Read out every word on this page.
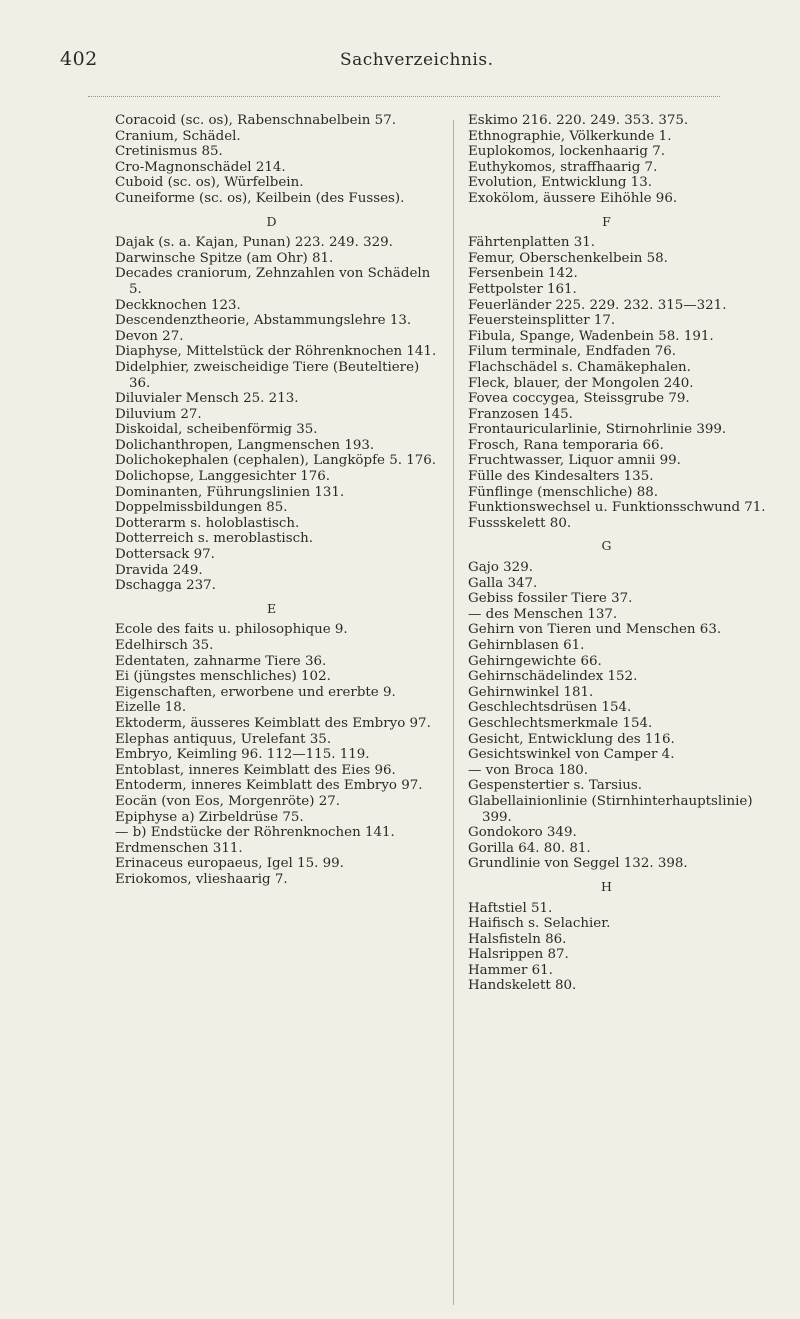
402	Sachverzeichnis.

Coracoid (sc. os), Rabenschnabelbein 57.

Cranium, Schädel.

Cretinismus 85.

Cro-Magnonschädel 214.

Cuboid (sc. os), Würfelbein.

Cuneiforme (sc. os), Keilbein (des Fusses).

D

Dajak (s. a. Kajan, Punan) 223. 249. 329.

Darwinsche Spitze (am Ohr) 81.

Decades craniorum, Zehnzahlen von Schädeln 5.

Deckknochen 123.

Descendenztheorie, Abstammungslehre 13.

Devon 27.

Diaphyse, Mittelstück der Röhrenknochen 141.

Didelphier, zweischeidige Tiere (Beuteltiere) 36.

Diluvialer Mensch 25. 213.

Diluvium 27.

Diskoidal, scheibenförmig 35.

Dolichanthropen, Langmenschen 193.

Dolichokephalen (cephalen), Langköpfe 5. 176.

Dolichopse, Langgesichter 176.

Dominanten, Führungslinien 131.

Doppelmissbildungen 85.

Dotterarm s. holoblastisch.

Dotterreich s. meroblastisch.

Dottersack 97.

Dravida 249.

Dschagga 237.

E

Ecole des faits u. philosophique 9.

Edelhirsch 35.

Edentaten, zahnarme Tiere 36.

Ei (jüngstes menschliches) 102.

Eigenschaften, erworbene und ererbte 9.

Eizelle 18.

Ektoderm, äusseres Keimblatt des Embryo 97.

Elephas antiquus, Urelefant 35.

Embryo, Keimling 96. 112—115. 119.

Entoblast, inneres Keimblatt des Eies 96.

Entoderm, inneres Keimblatt des Embryo 97.

Eocän (von Eos, Morgenröte) 27.

Epiphyse a) Zirbeldrüse 75.

— b) Endstücke der Röhrenknochen 141.

Erdmenschen 311.

Erinaceus europaeus, Igel 15. 99.

Eriokomos, vlieshaarig 7.

Eskimo 216. 220. 249. 353. 375.

Ethnographie, Völkerkunde 1.

Euplokomos, lockenhaarig 7.

Euthykomos, straffhaarig 7.

Evolution, Entwicklung 13.

Exokölom, äussere Eihöhle 96.

F

Fährtenplatten 31.

Femur, Oberschenkelbein 58.

Fersenbein 142.

Fettpolster 161.

Feuerländer 225. 229. 232. 315—321.

Feuersteinsplitter 17.

Fibula, Spange, Wadenbein 58. 191.

Filum terminale, Endfaden 76.

Flachschädel s. Chamäkephalen.

Fleck, blauer, der Mongolen 240.

Fovea coccygea, Steissgrube 79.

Franzosen 145.

Frontauricularlinie, Stirnohrlinie 399.

Frosch, Rana temporaria 66.

Fruchtwasser, Liquor amnii 99.

Fülle des Kindesalters 135.

Fünflinge (menschliche) 88.

Funktionswechsel u. Funktionsschwund 71.

Fussskelett 80.

G

Gajo 329.

Galla 347.

Gebiss fossiler Tiere 37.

— des Menschen 137.

Gehirn von Tieren und Menschen 63.

Gehirnblasen 61.

Gehirngewichte 66.

Gehirnschädelindex 152.

Gehirnwinkel 181.

Geschlechtsdrüsen 154.

Geschlechtsmerkmale 154.

Gesicht, Entwicklung des 116.

Gesichtswinkel von Camper 4.

— von Broca 180.

Gespenstertier s. Tarsius.

Glabellainionlinie (Stirnhinterhauptslinie) 399.

Gondokoro 349.

Gorilla 64. 80. 81.

Grundlinie von Seggel 132. 398.

H

Haftstiel 51.

Haifisch s. Selachier.

Halsfisteln 86.

Halsrippen 87.

Hammer 61.

Handskelett 80.
